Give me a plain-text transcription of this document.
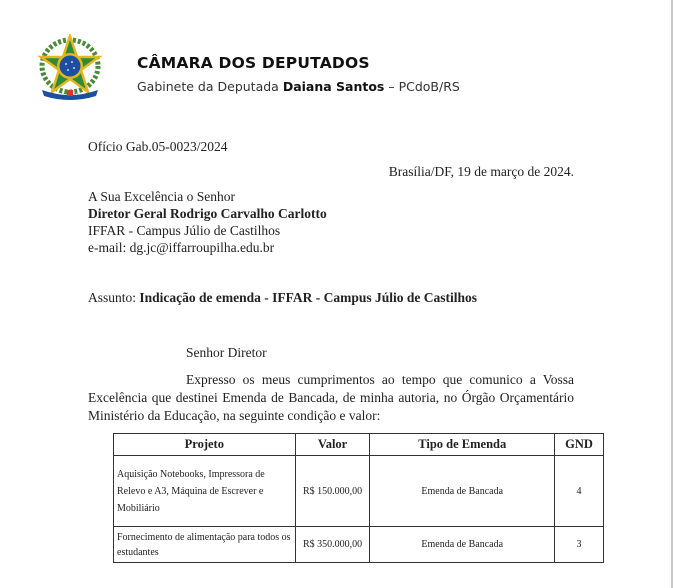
CÂMARA DOS DEPUTADOS
Gabinete da Deputada Daiana Santos – PCdoB/RS
Ofício Gab.05-0023/2024
Brasília/DF, 19 de março de 2024.
A Sua Excelência o Senhor
Diretor Geral Rodrigo Carvalho Carlotto
IFFAR - Campus Júlio de Castilhos
e-mail: dg.jc@iffarroupilha.edu.br
Assunto: Indicação de emenda - IFFAR - Campus Júlio de Castilhos
Senhor Diretor
Expresso os meus cumprimentos ao tempo que comunico a Vossa Excelência que destinei Emenda de Bancada, de minha autoria, no Órgão Orçamentário Ministério da Educação, na seguinte condição e valor:
Projeto	Valor	Tipo de Emenda	GND
Aquisição Notebooks, Impressora de Relevo e A3, Máquina de Escrever e Mobiliário	R$ 150.000,00	Emenda de Bancada	4
Fornecimento de alimentação para todos os estudantes	R$ 350.000,00	Emenda de Bancada	3
